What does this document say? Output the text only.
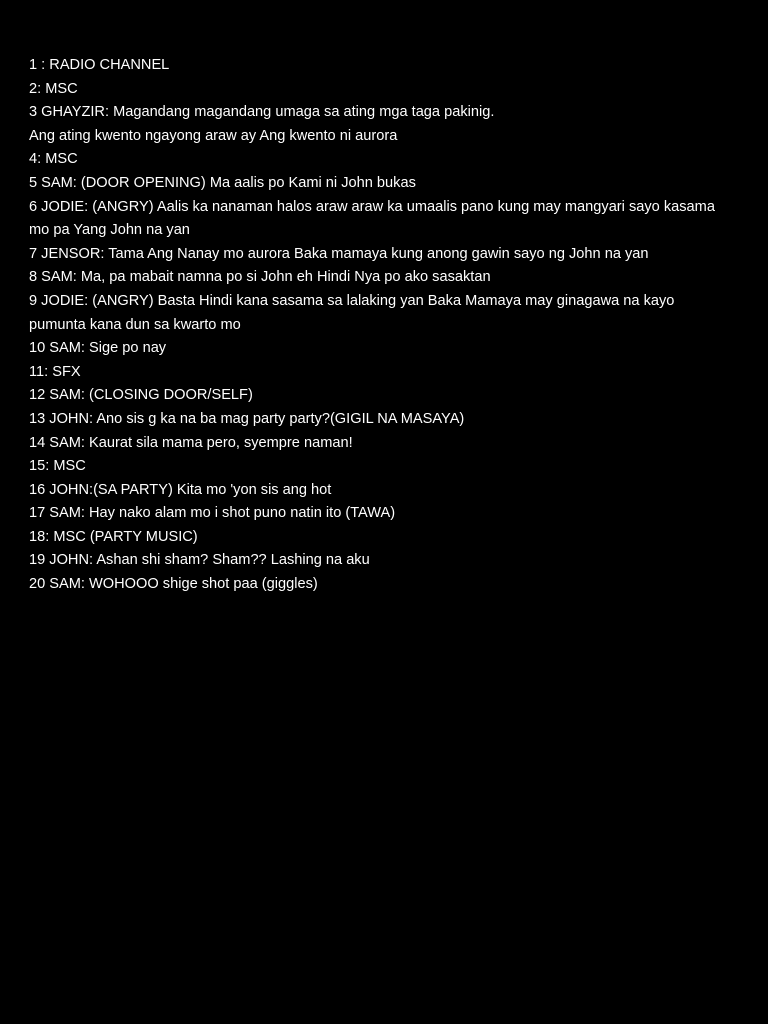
1 : RADIO CHANNEL
2: MSC
3 GHAYZIR: Magandang magandang umaga sa ating mga taga pakinig.
Ang ating kwento ngayong araw ay Ang kwento ni aurora
4: MSC
5 SAM: (DOOR OPENING) Ma aalis po Kami ni John bukas
6 JODIE: (ANGRY) Aalis ka nanaman halos araw araw ka umaalis pano kung may mangyari sayo kasama mo pa Yang John na yan
7 JENSOR: Tama Ang Nanay mo aurora Baka mamaya kung anong gawin sayo ng John na yan
8 SAM: Ma, pa mabait namna po si John eh Hindi Nya po ako sasaktan
9 JODIE: (ANGRY) Basta Hindi kana sasama sa lalaking yan Baka Mamaya may ginagawa na kayo pumunta kana dun sa kwarto mo
10 SAM: Sige po nay
11: SFX
12 SAM: (CLOSING DOOR/SELF)
13 JOHN: Ano sis g ka na ba mag party party?(GIGIL NA MASAYA)
14 SAM: Kaurat sila mama pero, syempre naman!
15: MSC
16 JOHN:(SA PARTY) Kita mo 'yon sis ang hot
17 SAM: Hay nako alam mo i shot puno natin ito (TAWA)
18: MSC (PARTY MUSIC)
19 JOHN: Ashan shi sham? Sham?? Lashing na aku
20 SAM: WOHOOO shige shot paa (giggles)
